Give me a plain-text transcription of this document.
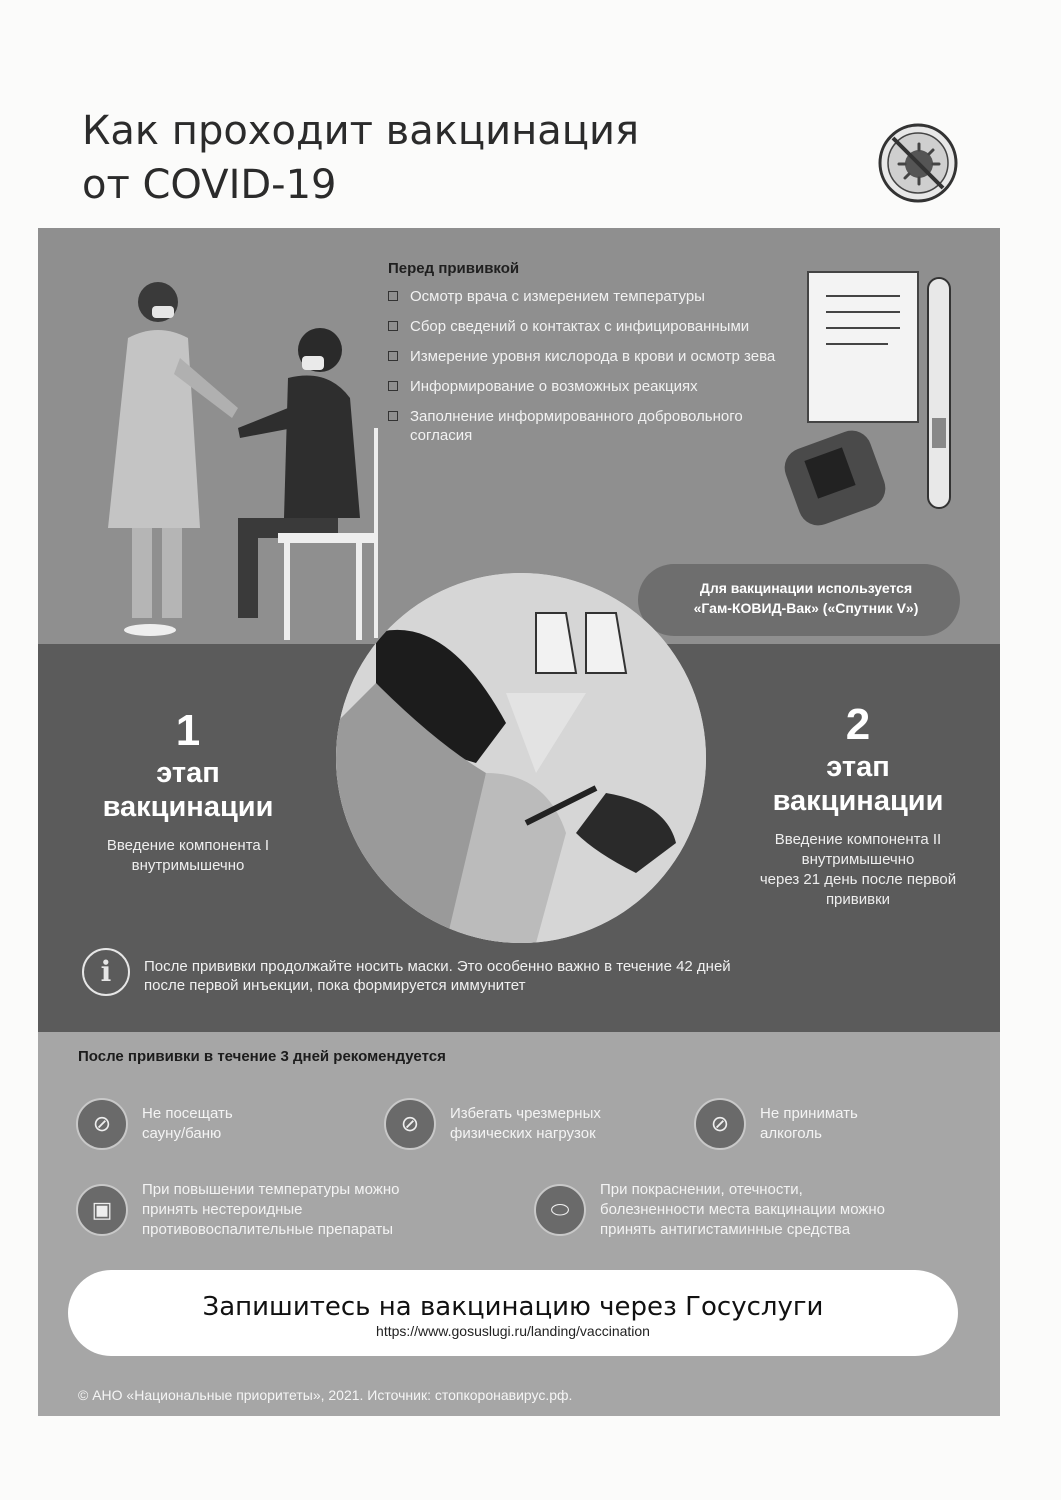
Как проходит вакцинация
от COVID-19
Перед прививкой
Осмотр врача с измерением температуры
Сбор сведений о контактах с инфицированными
Измерение уровня кислорода в крови и осмотр зева
Информирование о возможных реакциях
Заполнение информированного добровольного согласия
Для вакцинации используется
«Гам-КОВИД-Вак» («Спутник V»)
1
этап
вакцинации
Введение компонента I
внутримышечно
2
этап
вакцинации
Введение компонента II
внутримышечно
через 21 день после первой
прививки
i	После прививки продолжайте носить маски. Это особенно важно в течение 42 дней
после первой инъекции, пока формируется иммунитет
После прививки в течение 3 дней рекомендуется
⊘	Не посещать
сауну/баню	⊘	Избегать чрезмерных
физических нагрузок	⊘	Не принимать
алкоголь
▣
При повышении температуры можно
принять нестероидные
противовоспалительные препараты
⬭
При покраснении, отечности,
болезненности места вакцинации можно
принять антигистаминные средства
Запишитесь на вакцинацию через Госуслуги
https://www.gosuslugi.ru/landing/vaccination
© АНО «Национальные приоритеты», 2021. Источник: стопкоронавирус.рф.
